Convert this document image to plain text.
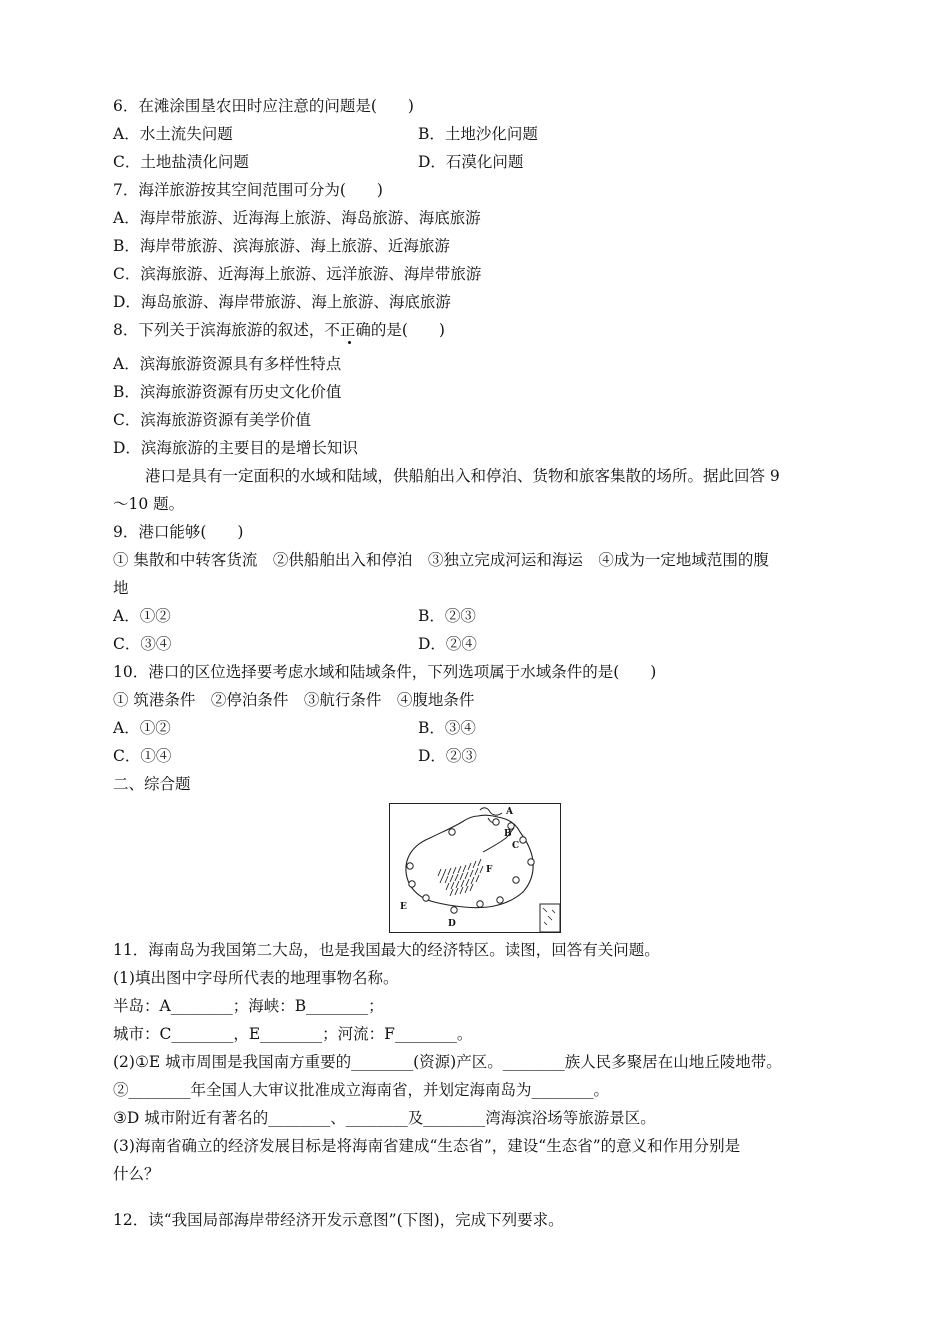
6．在滩涂围垦农田时应注意的问题是(　　)
A．水土流失问题	B．土地沙化问题
C．土地盐渍化问题	D．石漠化问题
7．海洋旅游按其空间范围可分为(　　)
A．海岸带旅游、近海海上旅游、海岛旅游、海底旅游
B．海岸带旅游、滨海旅游、海上旅游、近海旅游
C．滨海旅游、近海海上旅游、远洋旅游、海岸带旅游
D．海岛旅游、海岸带旅游、海上旅游、海底旅游
8．下列关于滨海旅游的叙述，不正确的是(　　)
A．滨海旅游资源具有多样性特点
B．滨海旅游资源有历史文化价值
C．滨海旅游资源有美学价值
D．滨海旅游的主要目的是增长知识
港口是具有一定面积的水域和陆域，供船舶出入和停泊、货物和旅客集散的场所。据此回答 9
～10 题。
9．港口能够(　　)
① 集散和中转客货流　②供船舶出入和停泊　③独立完成河运和海运　④成为一定地域范围的腹
地
A．①②	B．②③
C．③④	D．②④
10．港口的区位选择要考虑水域和陆域条件，下列选项属于水域条件的是(　　)
① 筑港条件　②停泊条件　③航行条件　④腹地条件
A．①②	B．③④
C．①④	D．②③
二、综合题
A
B
C
F
E
D
11．海南岛为我国第二大岛，也是我国最大的经济特区。读图，回答有关问题。
(1)填出图中字母所代表的地理事物名称。
半岛：A________；海峡：B________；
城市：C________，E________；河流：F________。
(2)①E 城市周围是我国南方重要的________(资源)产区。________族人民多聚居在山地丘陵地带。
②________年全国人大审议批准成立海南省，并划定海南岛为________。
③D 城市附近有著名的________、________及________湾海滨浴场等旅游景区。
(3)海南省确立的经济发展目标是将海南省建成“生态省”，建设“生态省”的意义和作用分别是
什么？
12．读“我国局部海岸带经济开发示意图”(下图)，完成下列要求。
